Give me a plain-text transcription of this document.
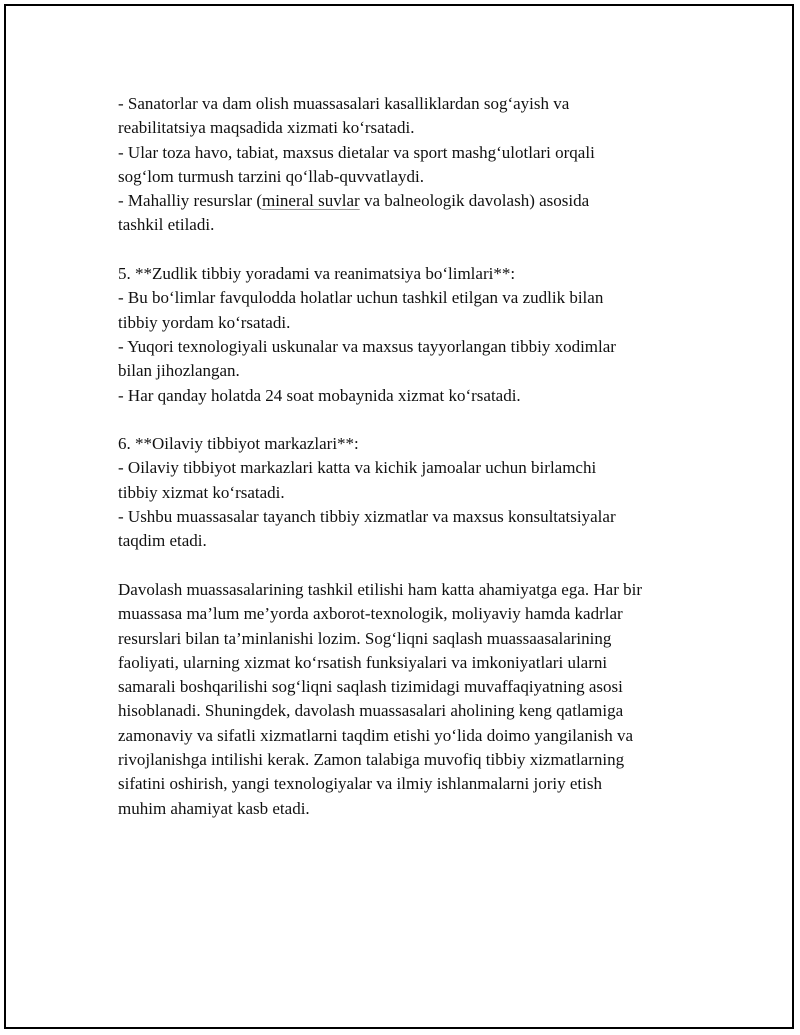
- Sanatorlar va dam olish muassasalari kasalliklardan sog‘ayish va
reabilitatsiya maqsadida xizmati ko‘rsatadi.
- Ular toza havo, tabiat, maxsus dietalar va sport mashg‘ulotlari orqali
sog‘lom turmush tarzini qo‘llab-quvvatlaydi.
- Mahalliy resurslar (mineral suvlar va balneologik davolash) asosida
tashkil etiladi.
5. **Zudlik tibbiy yoradami va reanimatsiya bo‘limlari**:
- Bu bo‘limlar favqulodda holatlar uchun tashkil etilgan va zudlik bilan
tibbiy yordam ko‘rsatadi.
- Yuqori texnologiyali uskunalar va maxsus tayyorlangan tibbiy xodimlar
bilan jihozlangan.
- Har qanday holatda 24 soat mobaynida xizmat ko‘rsatadi.
6. **Oilaviy tibbiyot markazlari**:
- Oilaviy tibbiyot markazlari katta va kichik jamoalar uchun birlamchi
tibbiy xizmat ko‘rsatadi.
- Ushbu muassasalar tayanch tibbiy xizmatlar va maxsus konsultatsiyalar
taqdim etadi.
Davolash muassasalarining tashkil etilishi ham katta ahamiyatga ega. Har bir
muassasa ma’lum me’yorda axborot-texnologik, moliyaviy hamda kadrlar
resurslari bilan ta’minlanishi lozim. Sog‘liqni saqlash muassaasalarining
faoliyati, ularning xizmat ko‘rsatish funksiyalari va imkoniyatlari ularni
samarali boshqarilishi sog‘liqni saqlash tizimidagi muvaffaqiyatning asosi
hisoblanadi. Shuningdek, davolash muassasalari aholining keng qatlamiga
zamonaviy va sifatli xizmatlarni taqdim etishi yo‘lida doimo yangilanish va
rivojlanishga intilishi kerak. Zamon talabiga muvofiq tibbiy xizmatlarning
sifatini oshirish, yangi texnologiyalar va ilmiy ishlanmalarni joriy etish
muhim ahamiyat kasb etadi.
